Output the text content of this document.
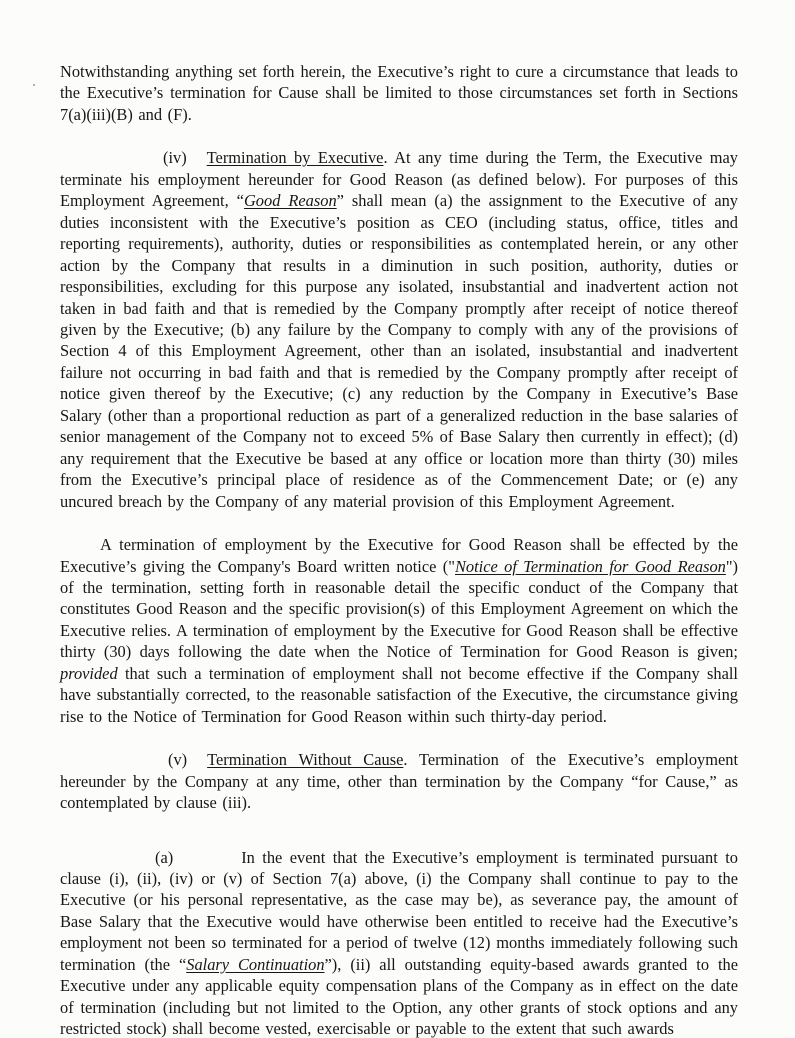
Notwithstanding anything set forth herein, the Executive’s right to cure a circumstance that leads to the Executive’s termination for Cause shall be limited to those circumstances set forth in Sections 7(a)(iii)(B) and (F).

(iv) Termination by Executive. At any time during the Term, the Executive may terminate his employment hereunder for Good Reason (as defined below). For purposes of this Employment Agreement, “Good Reason” shall mean (a) the assignment to the Executive of any duties inconsistent with the Executive’s position as CEO (including status, office, titles and reporting requirements), authority, duties or responsibilities as contemplated herein, or any other action by the Company that results in a diminution in such position, authority, duties or responsibilities, excluding for this purpose any isolated, insubstantial and inadvertent action not taken in bad faith and that is remedied by the Company promptly after receipt of notice thereof given by the Executive; (b) any failure by the Company to comply with any of the provisions of Section 4 of this Employment Agreement, other than an isolated, insubstantial and inadvertent failure not occurring in bad faith and that is remedied by the Company promptly after receipt of notice given thereof by the Executive; (c) any reduction by the Company in Executive’s Base Salary (other than a proportional reduction as part of a generalized reduction in the base salaries of senior management of the Company not to exceed 5% of Base Salary then currently in effect); (d) any requirement that the Executive be based at any office or location more than thirty (30) miles from the Executive’s principal place of residence as of the Commencement Date; or (e) any uncured breach by the Company of any material provision of this Employment Agreement.

A termination of employment by the Executive for Good Reason shall be effected by the Executive’s giving the Company's Board written notice ("Notice of Termination for Good Reason") of the termination, setting forth in reasonable detail the specific conduct of the Company that constitutes Good Reason and the specific provision(s) of this Employment Agreement on which the Executive relies. A termination of employment by the Executive for Good Reason shall be effective thirty (30) days following the date when the Notice of Termination for Good Reason is given; provided that such a termination of employment shall not become effective if the Company shall have substantially corrected, to the reasonable satisfaction of the Executive, the circumstance giving rise to the Notice of Termination for Good Reason within such thirty-day period.

(v) Termination Without Cause. Termination of the Executive’s employment hereunder by the Company at any time, other than termination by the Company “for Cause,” as contemplated by clause (iii).

(a)	In the event that the Executive’s employment is terminated pursuant to clause (i), (ii), (iv) or (v) of Section 7(a) above, (i) the Company shall continue to pay to the Executive (or his personal representative, as the case may be), as severance pay, the amount of Base Salary that the Executive would have otherwise been entitled to receive had the Executive’s employment not been so terminated for a period of twelve (12) months immediately following such termination (the “Salary Continuation”), (ii) all outstanding equity-based awards granted to the Executive under any applicable equity compensation plans of the Company as in effect on the date of termination (including but not limited to the Option, any other grants of stock options and any restricted stock) shall become vested, exercisable or payable to the extent that such awards
